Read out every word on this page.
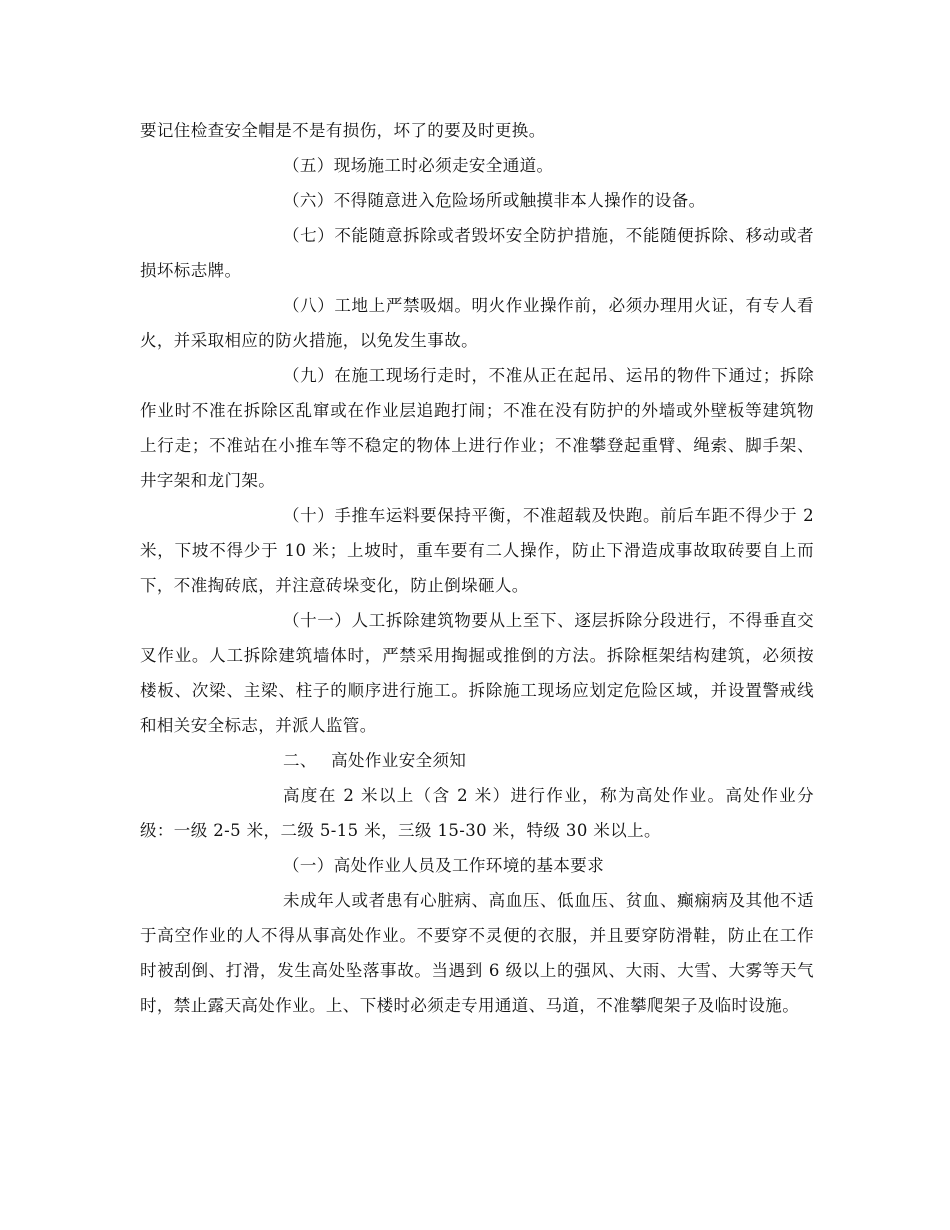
要记住检查安全帽是不是有损伤，坏了的要及时更换。

（五）现场施工时必须走安全通道。

（六）不得随意进入危险场所或触摸非本人操作的设备。

（七）不能随意拆除或者毁坏安全防护措施，不能随便拆除、移动或者损坏标志牌。

（八）工地上严禁吸烟。明火作业操作前，必须办理用火证，有专人看火，并采取相应的防火措施，以免发生事故。

（九）在施工现场行走时，不准从正在起吊、运吊的物件下通过；拆除作业时不准在拆除区乱窜或在作业层追跑打闹；不准在没有防护的外墙或外壁板等建筑物上行走；不准站在小推车等不稳定的物体上进行作业；不准攀登起重臂、绳索、脚手架、井字架和龙门架。

（十）手推车运料要保持平衡，不准超载及快跑。前后车距不得少于 2 米，下坡不得少于 10 米；上坡时，重车要有二人操作，防止下滑造成事故取砖要自上而下，不准掏砖底，并注意砖垛变化，防止倒垛砸人。

（十一）人工拆除建筑物要从上至下、逐层拆除分段进行，不得垂直交叉作业。人工拆除建筑墙体时，严禁采用掏掘或推倒的方法。拆除框架结构建筑，必须按楼板、次梁、主梁、柱子的顺序进行施工。拆除施工现场应划定危险区域，并设置警戒线和相关安全标志，并派人监管。

二、　 高处作业安全须知

高度在 2 米以上（含 2 米）进行作业，称为高处作业。高处作业分级：一级 2-5 米，二级 5-15 米，三级 15-30 米，特级 30 米以上。

（一）高处作业人员及工作环境的基本要求

未成年人或者患有心脏病、高血压、低血压、贫血、癫痫病及其他不适于高空作业的人不得从事高处作业。不要穿不灵便的衣服，并且要穿防滑鞋，防止在工作时被刮倒、打滑，发生高处坠落事故。当遇到 6 级以上的强风、大雨、大雪、大雾等天气时，禁止露天高处作业。上、下楼时必须走专用通道、马道，不准攀爬架子及临时设施。
